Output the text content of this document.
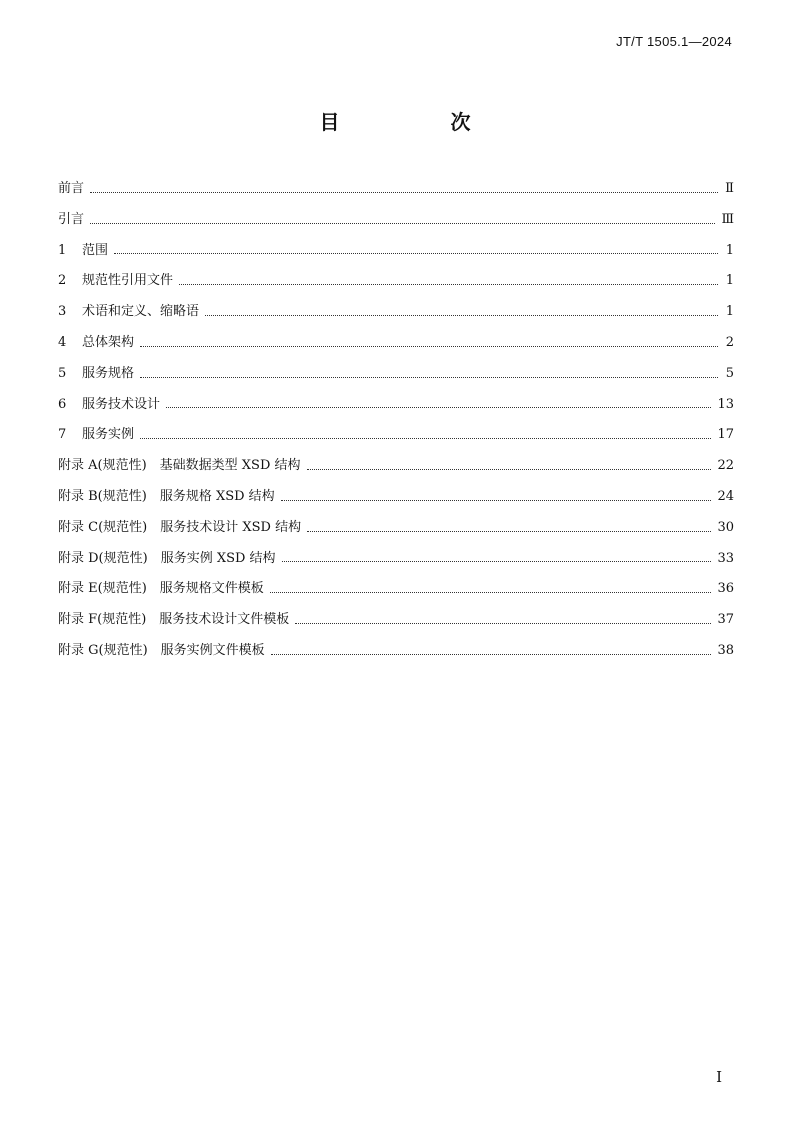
JT/T 1505.1—2024
目 次
前言	Ⅱ
引言	Ⅲ
1	范围	1
2	规范性引用文件	1
3	术语和定义、缩略语	1
4	总体架构	2
5	服务规格	5
6	服务技术设计	13
7	服务实例	17
附录 A(规范性)　基础数据类型 XSD 结构	22
附录 B(规范性)　服务规格 XSD 结构	24
附录 C(规范性)　服务技术设计 XSD 结构	30
附录 D(规范性)　服务实例 XSD 结构	33
附录 E(规范性)　服务规格文件模板	36
附录 F(规范性)　服务技术设计文件模板	37
附录 G(规范性)　服务实例文件模板	38
I
